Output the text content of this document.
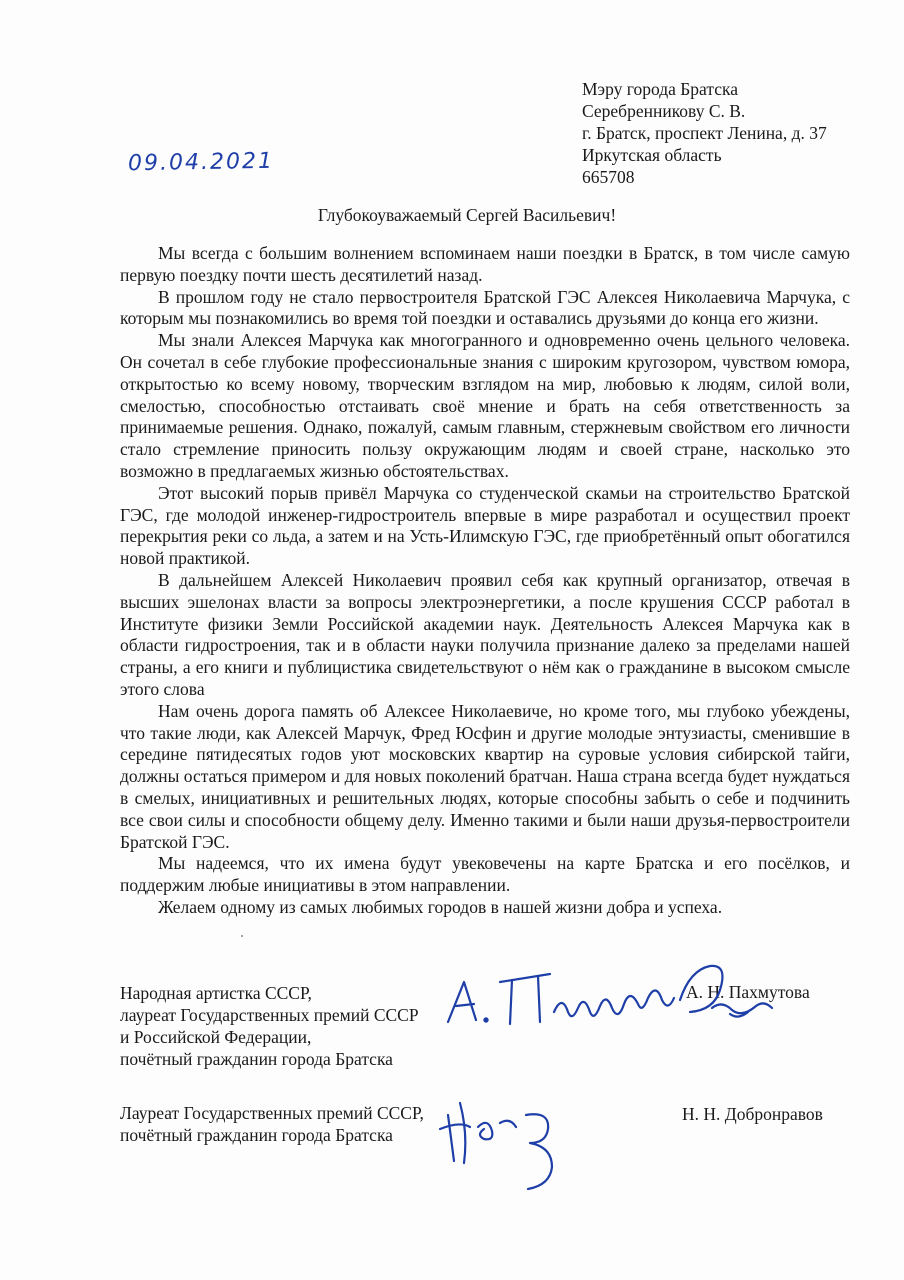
Мэру города Братска
Серебренникову С. В.
г. Братск, проспект Ленина, д. 37
Иркутская область
665708
09.04.2021
Глубокоуважаемый Сергей Васильевич!

Мы всегда с большим волнением вспоминаем наши поездки в Братск, в том числе самую первую поездку почти шесть десятилетий назад.

В прошлом году не стало первостроителя Братской ГЭС Алексея Николаевича Марчука, с которым мы познакомились во время той поездки и оставались друзьями до конца его жизни.

Мы знали Алексея Марчука как многогранного и одновременно очень цельного человека. Он сочетал в себе глубокие профессиональные знания с широким кругозором, чувством юмора, открытостью ко всему новому, творческим взглядом на мир, любовью к людям, силой воли, смелостью, способностью отстаивать своё мнение и брать на себя ответственность за принимаемые решения. Однако, пожалуй, самым главным, стержневым свойством его личности стало стремление приносить пользу окружающим людям и своей стране, насколько это возможно в предлагаемых жизнью обстоятельствах.

Этот высокий порыв привёл Марчука со студенческой скамьи на строительство Братской ГЭС, где молодой инженер-гидростроитель впервые в мире разработал и осуществил проект перекрытия реки со льда, а затем и на Усть-Илимскую ГЭС, где приобретённый опыт обогатился новой практикой.

В дальнейшем Алексей Николаевич проявил себя как крупный организатор, отвечая в высших эшелонах власти за вопросы электроэнергетики, а после крушения СССР работал в Институте физики Земли Российской академии наук. Деятельность Алексея Марчука как в области гидростроения, так и в области науки получила признание далеко за пределами нашей страны, а его книги и публицистика свидетельствуют о нём как о гражданине в высоком смысле этого слова

Нам очень дорога память об Алексее Николаевиче, но кроме того, мы глубоко убеждены, что такие люди, как Алексей Марчук, Фред Юсфин и другие молодые энтузиасты, сменившие в середине пятидесятых годов уют московских квартир на суровые условия сибирской тайги, должны остаться примером и для новых поколений братчан. Наша страна всегда будет нуждаться в смелых, инициативных и решительных людях, которые способны забыть о себе и подчинить все свои силы и способности общему делу. Именно такими и были наши друзья-первостроители Братской ГЭС.

Мы надеемся, что их имена будут увековечены на карте Братска и его посёлков, и поддержим любые инициативы в этом направлении.

Желаем одному из самых любимых городов в нашей жизни добра и успеха.

Народная артистка СССР,
лауреат Государственных премий СССР
и Российской Федерации,
почётный гражданин города Братска
А. Н. Пахмутова
Лауреат Государственных премий СССР,
почётный гражданин города Братска
Н. Н. Добронравов
